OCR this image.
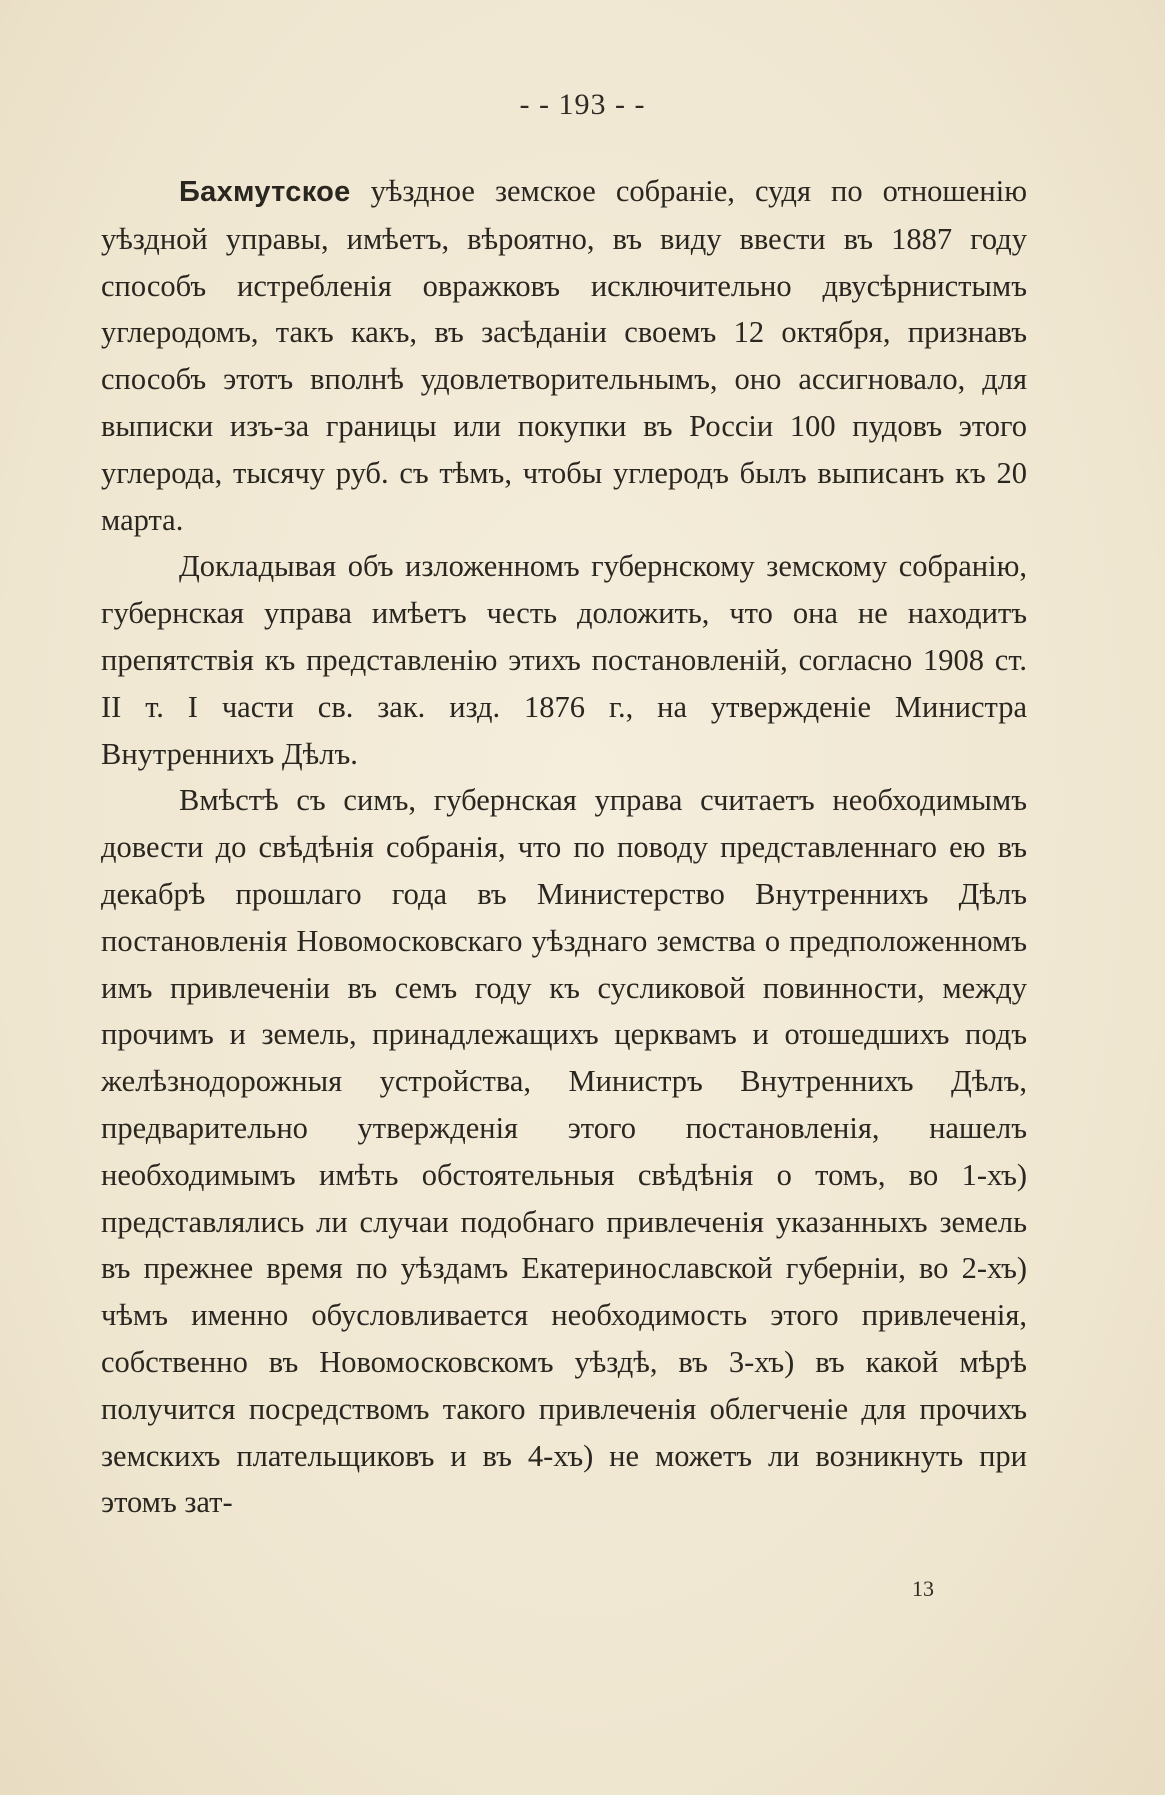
- - 193 - -

Бахмутское уѣздное земское собраніе, судя по отношенію уѣздной управы, имѣетъ, вѣроятно, въ виду ввести въ 1887 году способъ истребленія овражковъ исключительно двусѣрнистымъ углеродомъ, такъ какъ, въ засѣданіи своемъ 12 октября, признавъ способъ этотъ вполнѣ удовлетворительнымъ, оно ассигновало, для выписки изъ-за границы или покупки въ Россіи 100 пудовъ этого углерода, тысячу руб. съ тѣмъ, чтобы углеродъ былъ выписанъ къ 20 марта.

Докладывая объ изложенномъ губернскому земскому собранію, губернская управа имѣетъ честь доложить, что она не находитъ препятствія къ представленію этихъ постановленій, согласно 1908 ст. II т. I части св. зак. изд. 1876 г., на утвержденіе Министра Внутреннихъ Дѣлъ.

Вмѣстѣ съ симъ, губернская управа считаетъ необходимымъ довести до свѣдѣнія собранія, что по поводу представленнаго ею въ декабрѣ прошлаго года въ Министерство Внутреннихъ Дѣлъ постановленія Новомосковскаго уѣзднаго земства о предположенномъ имъ привлеченіи въ семъ году къ сусликовой повинности, между прочимъ и земель, принадлежащихъ церквамъ и отошедшихъ подъ желѣзнодорожныя устройства, Министръ Внутреннихъ Дѣлъ, предварительно утвержденія этого постановленія, нашелъ необходимымъ имѣть обстоятельныя свѣдѣнія о томъ, во 1-хъ) представлялись ли случаи подобнаго привлеченія указанныхъ земель въ прежнее время по уѣздамъ Екатеринославской губерніи, во 2-хъ) чѣмъ именно обусловливается необходимость этого привлеченія, собственно въ Новомосковскомъ уѣздѣ, въ 3-хъ) въ какой мѣрѣ получится посредствомъ такого привлеченія облегченіе для прочихъ земскихъ плательщиковъ и въ 4-хъ) не можетъ ли возникнуть при этомъ зат-

13
